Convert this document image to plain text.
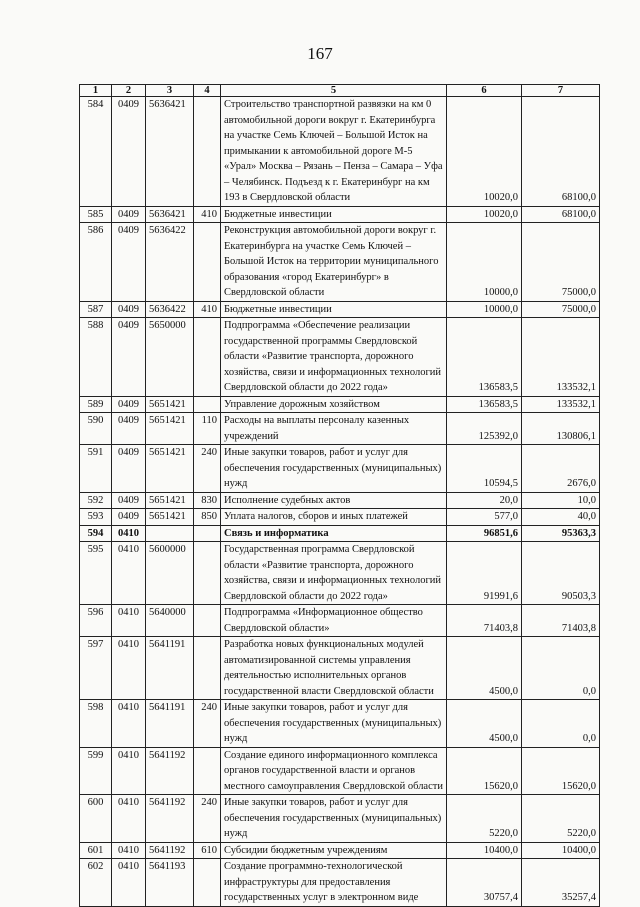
167
1	2	3	4	5	6	7
584	0409	5636421		Строительство транспортной развязки на км 0 автомобильной дороги вокруг г. Екатеринбурга на участке Семь Ключей – Большой Исток на примыкании к автомобильной дороге М-5 «Урал» Москва – Рязань – Пенза – Самара – Уфа – Челябинск. Подъезд к г. Екатеринбург на км 193 в Свердловской области	10020,0	68100,0
585	0409	5636421	410	Бюджетные инвестиции	10020,0	68100,0
586	0409	5636422		Реконструкция автомобильной дороги вокруг г. Екатеринбурга на участке Семь Ключей – Большой Исток на территории муниципального образования «город Екатеринбург» в Свердловской области	10000,0	75000,0
587	0409	5636422	410	Бюджетные инвестиции	10000,0	75000,0
588	0409	5650000		Подпрограмма «Обеспечение реализации государственной программы Свердловской области «Развитие транспорта, дорожного хозяйства, связи и информационных технологий Свердловской области до 2022 года»	136583,5	133532,1
589	0409	5651421		Управление дорожным хозяйством	136583,5	133532,1
590	0409	5651421	110	Расходы на выплаты персоналу казенных учреждений	125392,0	130806,1
591	0409	5651421	240	Иные закупки товаров, работ и услуг для обеспечения государственных (муниципальных) нужд	10594,5	2676,0
592	0409	5651421	830	Исполнение судебных актов	20,0	10,0
593	0409	5651421	850	Уплата налогов, сборов и иных платежей	577,0	40,0
594	0410			Связь и информатика	96851,6	95363,3
595	0410	5600000		Государственная программа Свердловской области «Развитие транспорта, дорожного хозяйства, связи и информационных технологий Свердловской области до 2022 года»	91991,6	90503,3
596	0410	5640000		Подпрограмма «Информационное общество Свердловской области»	71403,8	71403,8
597	0410	5641191		Разработка новых функциональных модулей автоматизированной системы управления деятельностью исполнительных органов государственной власти Свердловской области	4500,0	0,0
598	0410	5641191	240	Иные закупки товаров, работ и услуг для обеспечения государственных (муниципальных) нужд	4500,0	0,0
599	0410	5641192		Создание единого информационного комплекса органов государственной власти и органов местного самоуправления Свердловской области	15620,0	15620,0
600	0410	5641192	240	Иные закупки товаров, работ и услуг для обеспечения государственных (муниципальных) нужд	5220,0	5220,0
601	0410	5641192	610	Субсидии бюджетным учреждениям	10400,0	10400,0
602	0410	5641193		Создание программно-технологической инфраструктуры для предоставления государственных услуг в электронном виде	30757,4	35257,4
